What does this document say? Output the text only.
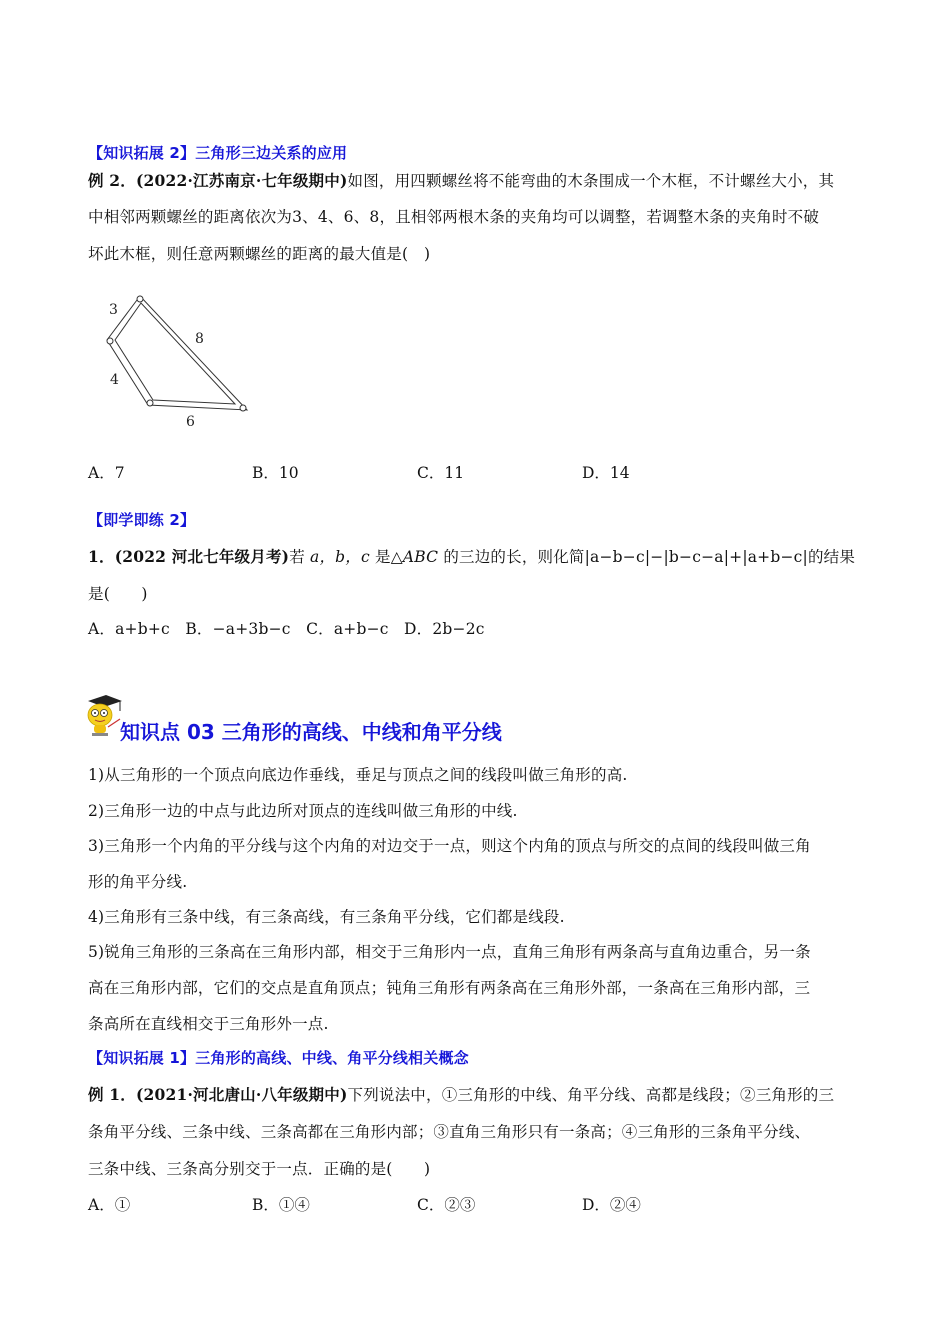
【知识拓展 2】三角形三边关系的应用
例 2．(2022·江苏南京·七年级期中)如图，用四颗螺丝将不能弯曲的木条围成一个木框，不计螺丝大小，其
中相邻两颗螺丝的距离依次为3、4、6、8，且相邻两根木条的夹角均可以调整，若调整木条的夹角时不破
坏此木框，则任意两颗螺丝的距离的最大值是(　)
3
8
4
6
A．7	B．10	C．11	D．14
【即学即练 2】
1．(2022 河北七年级月考)若 a，b，c 是△ABC 的三边的长，则化简|a−b−c|−|b−c−a|+|a+b−c|的结果
是(　　)
A．a+b+c B．−a+3b−c C．a+b−c D．2b−2c
知识点 03 三角形的高线、中线和角平分线
1)从三角形的一个顶点向底边作垂线，垂足与顶点之间的线段叫做三角形的高.
2)三角形一边的中点与此边所对顶点的连线叫做三角形的中线.
3)三角形一个内角的平分线与这个内角的对边交于一点，则这个内角的顶点与所交的点间的线段叫做三角
形的角平分线.
4)三角形有三条中线，有三条高线，有三条角平分线，它们都是线段.
5)锐角三角形的三条高在三角形内部，相交于三角形内一点，直角三角形有两条高与直角边重合，另一条
高在三角形内部，它们的交点是直角顶点；钝角三角形有两条高在三角形外部，一条高在三角形内部，三
条高所在直线相交于三角形外一点.
【知识拓展 1】三角形的高线、中线、角平分线相关概念
例 1．(2021·河北唐山·八年级期中)下列说法中，①三角形的中线、角平分线、高都是线段；②三角形的三
条角平分线、三条中线、三条高都在三角形内部；③直角三角形只有一条高；④三角形的三条角平分线、
三条中线、三条高分别交于一点．正确的是(　　)
A．①	B．①④	C．②③	D．②④
